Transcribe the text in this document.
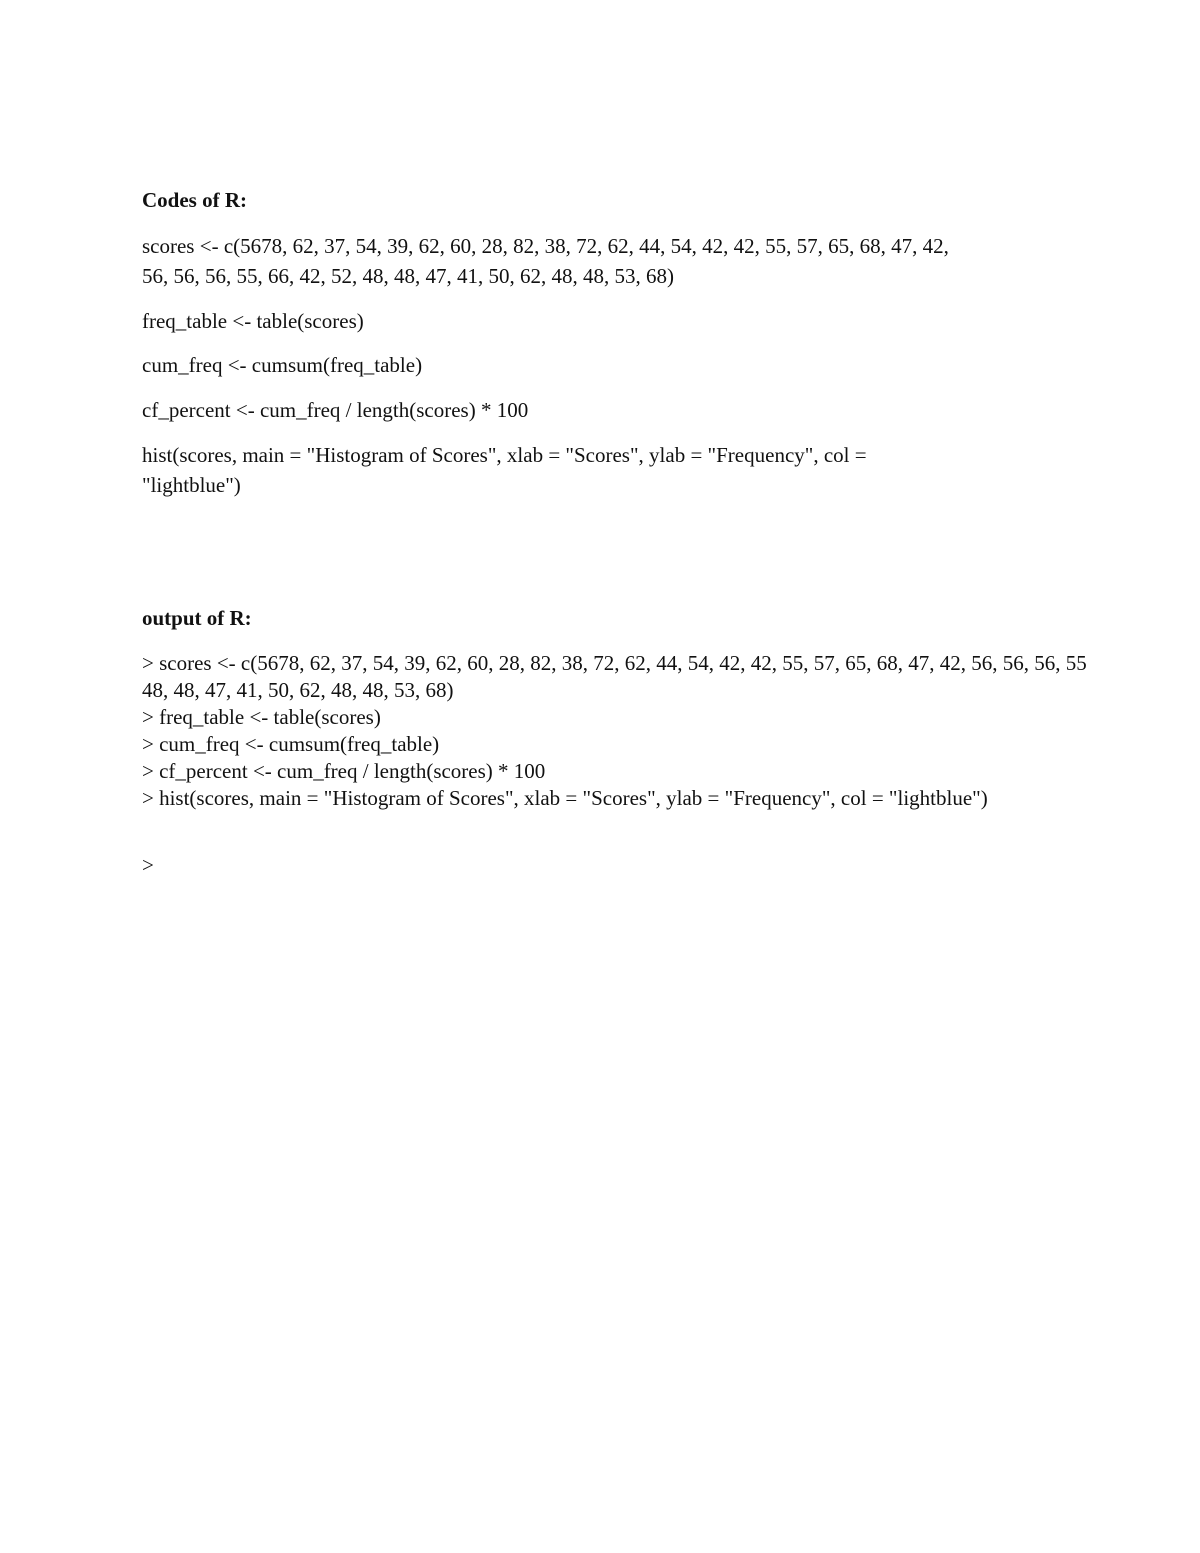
Codes of R:
scores <- c(5678, 62, 37, 54, 39, 62, 60, 28, 82, 38, 72, 62, 44, 54, 42, 42, 55, 57, 65, 68, 47, 42,
56, 56, 56, 55, 66, 42, 52, 48, 48, 47, 41, 50, 62, 48, 48, 53, 68)
freq_table <- table(scores)
cum_freq <- cumsum(freq_table)
cf_percent <- cum_freq / length(scores) * 100
hist(scores, main = "Histogram of Scores", xlab = "Scores", ylab = "Frequency", col =
"lightblue")
output of R:
> scores <- c(5678, 62, 37, 54, 39, 62, 60, 28, 82, 38, 72, 62, 44, 54, 42, 42, 55, 57, 65, 68, 47, 42, 56, 56, 56, 55
48, 48, 47, 41, 50, 62, 48, 48, 53, 68)
> freq_table <- table(scores)
> cum_freq <- cumsum(freq_table)
> cf_percent <- cum_freq / length(scores) * 100
> hist(scores, main = "Histogram of Scores", xlab = "Scores", ylab = "Frequency", col = "lightblue")
>
